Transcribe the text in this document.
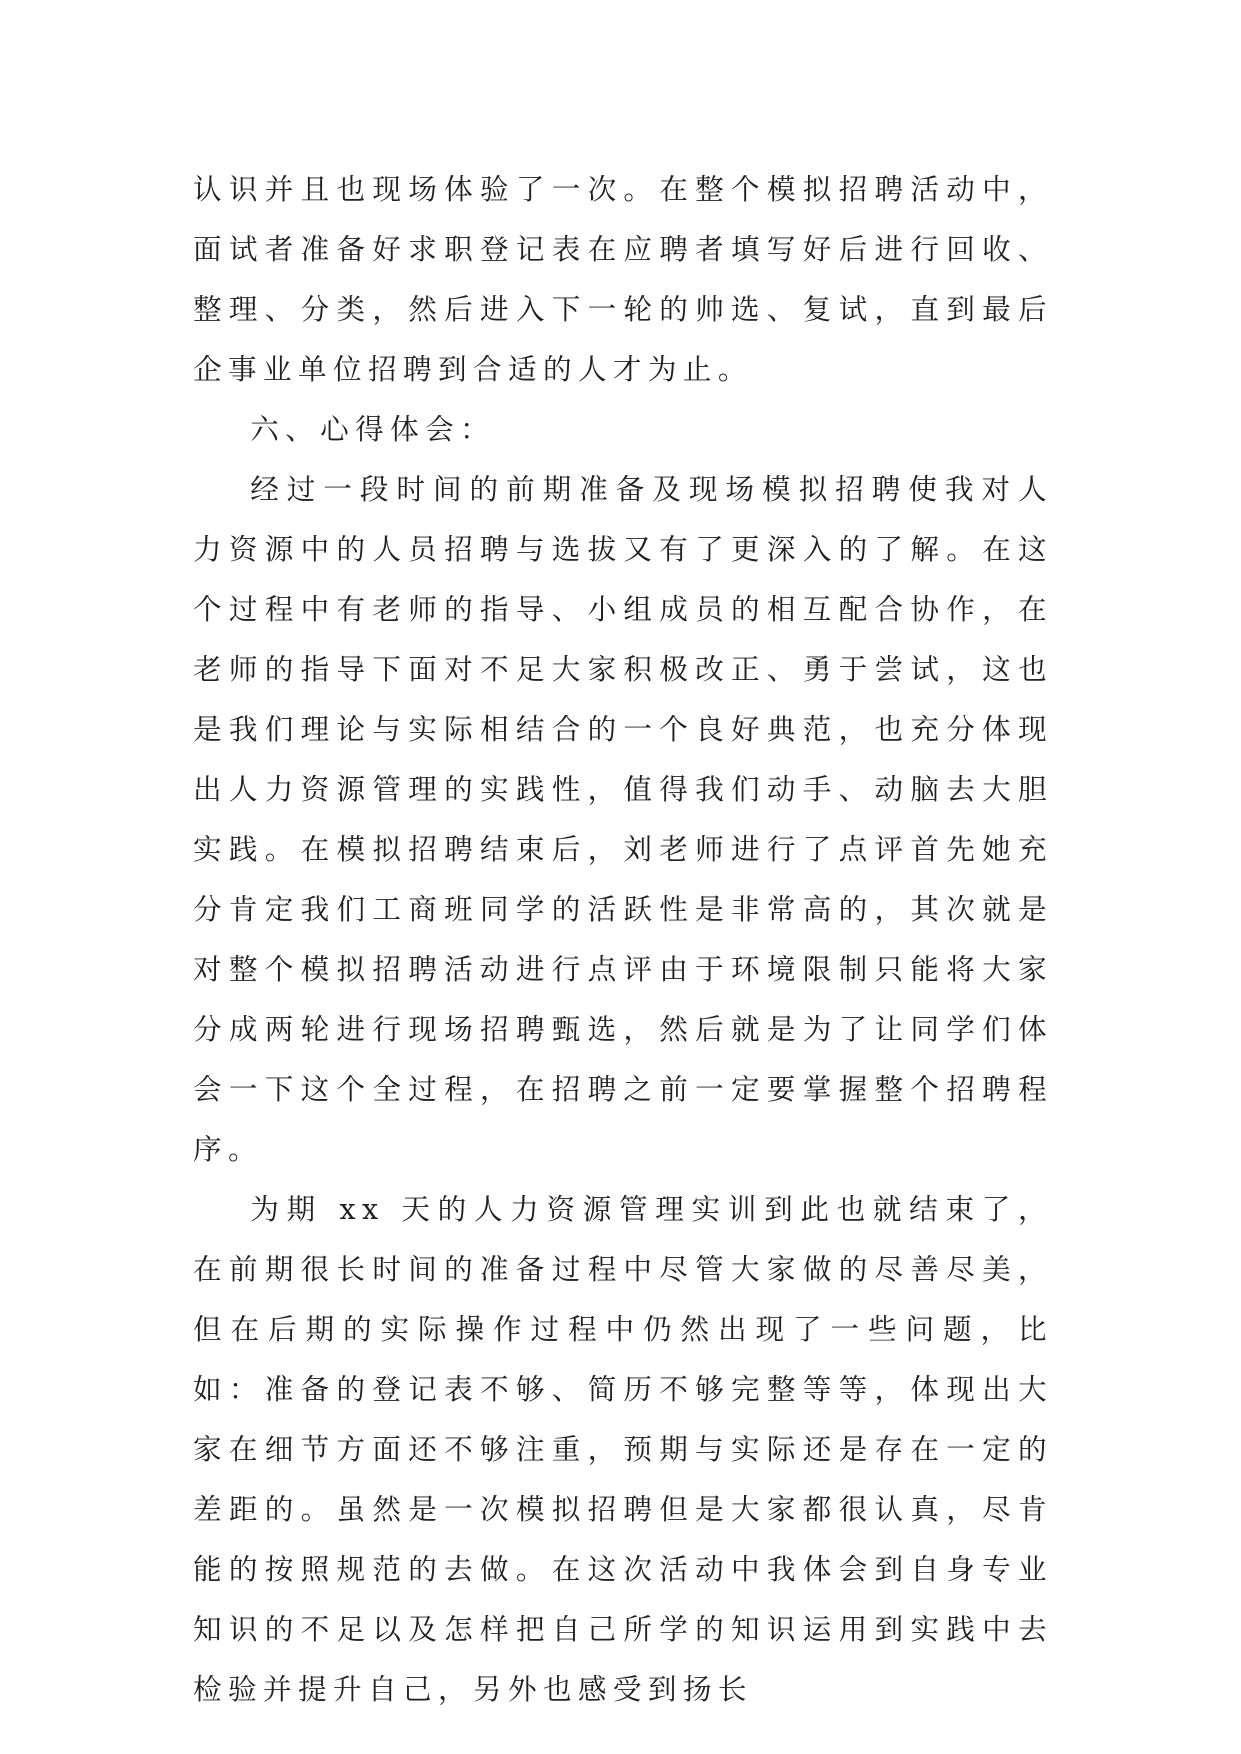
认识并且也现场体验了一次。在整个模拟招聘活动中，面试者准备好求职登记表在应聘者填写好后进行回收、整理、分类，然后进入下一轮的帅选、复试，直到最后企事业单位招聘到合适的人才为止。

六、心得体会：

经过一段时间的前期准备及现场模拟招聘使我对人力资源中的人员招聘与选拔又有了更深入的了解。在这个过程中有老师的指导、小组成员的相互配合协作，在老师的指导下面对不足大家积极改正、勇于尝试，这也是我们理论与实际相结合的一个良好典范，也充分体现出人力资源管理的实践性，值得我们动手、动脑去大胆实践。在模拟招聘结束后，刘老师进行了点评首先她充分肯定我们工商班同学的活跃性是非常高的，其次就是对整个模拟招聘活动进行点评由于环境限制只能将大家分成两轮进行现场招聘甄选，然后就是为了让同学们体会一下这个全过程，在招聘之前一定要掌握整个招聘程序。

为期 xx 天的人力资源管理实训到此也就结束了，在前期很长时间的准备过程中尽管大家做的尽善尽美，但在后期的实际操作过程中仍然出现了一些问题，比如：准备的登记表不够、简历不够完整等等，体现出大家在细节方面还不够注重，预期与实际还是存在一定的差距的。虽然是一次模拟招聘但是大家都很认真，尽肯能的按照规范的去做。在这次活动中我体会到自身专业知识的不足以及怎样把自己所学的知识运用到实践中去检验并提升自己，另外也感受到扬长
